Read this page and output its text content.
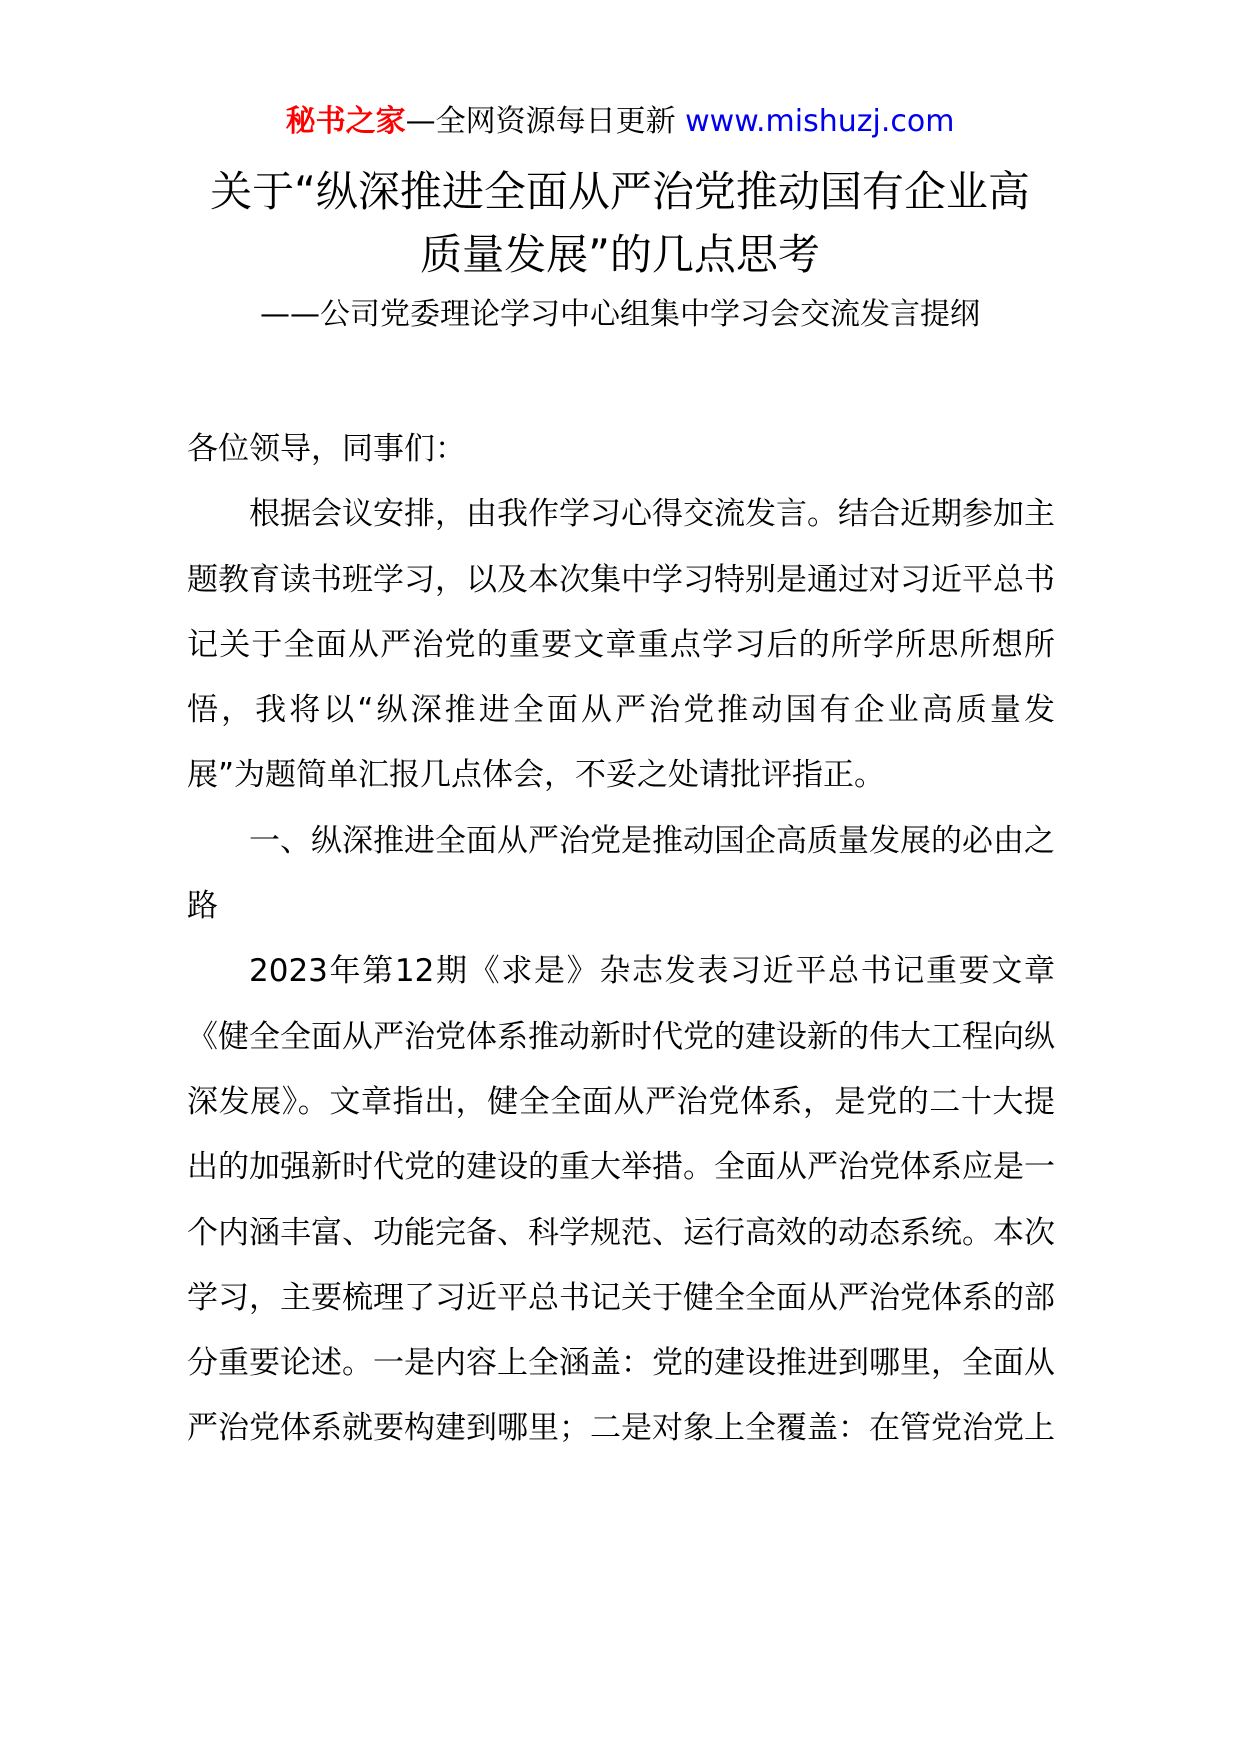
秘书之家—全网资源每日更新 www.mishuzj.com
关于“纵深推进全面从严治党推动国有企业高质量发展”的几点思考
——公司党委理论学习中心组集中学习会交流发言提纲

各位领导，同事们：

根据会议安排，由我作学习心得交流发言。结合近期参加主题教育读书班学习，以及本次集中学习特别是通过对习近平总书记关于全面从严治党的重要文章重点学习后的所学所思所想所悟，我将以“纵深推进全面从严治党推动国有企业高质量发展”为题简单汇报几点体会，不妥之处请批评指正。

一、纵深推进全面从严治党是推动国企高质量发展的必由之路

2023年第12期《求是》杂志发表习近平总书记重要文章《健全全面从严治党体系推动新时代党的建设新的伟大工程向纵深发展》。文章指出，健全全面从严治党体系，是党的二十大提出的加强新时代党的建设的重大举措。全面从严治党体系应是一个内涵丰富、功能完备、科学规范、运行高效的动态系统。本次学习，主要梳理了习近平总书记关于健全全面从严治党体系的部分重要论述。一是内容上全涵盖：党的建设推进到哪里，全面从严治党体系就要构建到哪里；二是对象上全覆盖：在管党治党上
